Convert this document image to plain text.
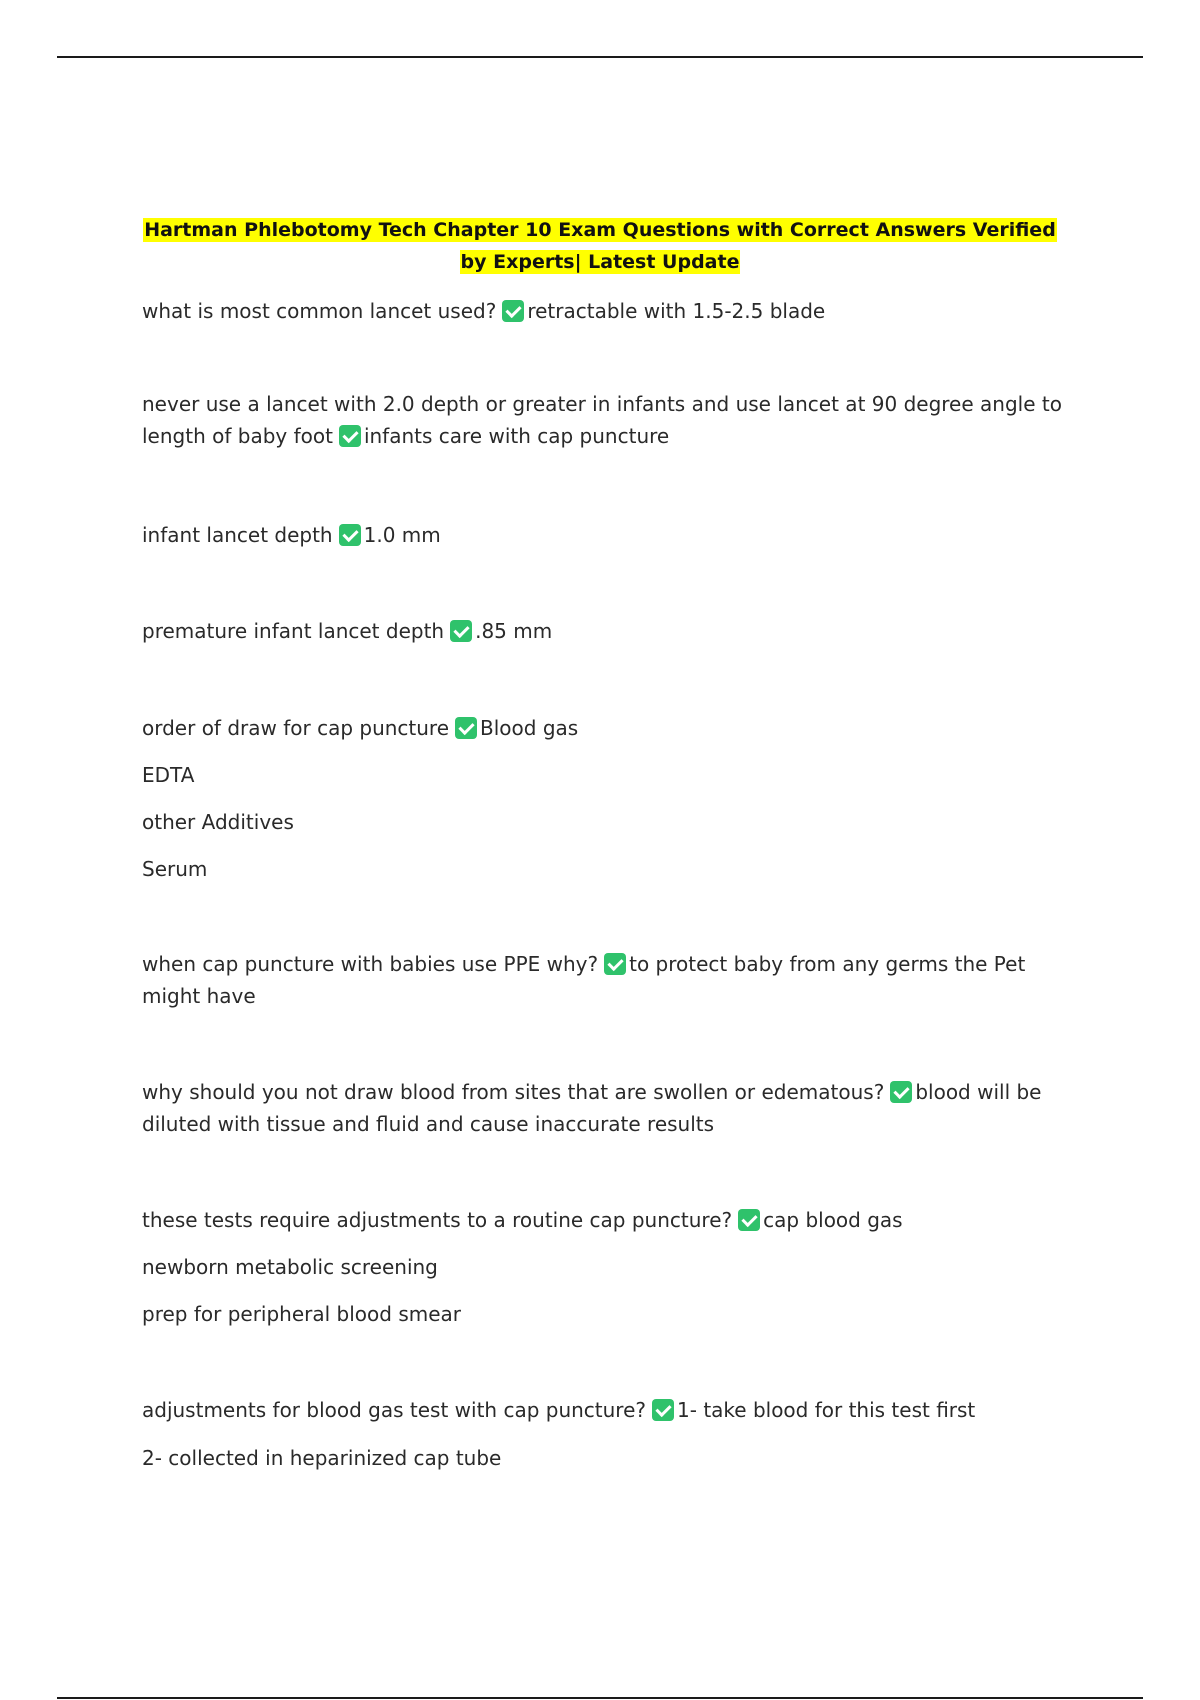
Hartman Phlebotomy Tech Chapter 10 Exam Questions with Correct Answers Verified by Experts| Latest Update
what is most common lancet used? retractable with 1.5-2.5 blade
never use a lancet with 2.0 depth or greater in infants and use lancet at 90 degree angle to length of baby foot infants care with cap puncture
infant lancet depth 1.0 mm
premature infant lancet depth .85 mm
order of draw for cap puncture Blood gas
EDTA
other Additives
Serum
when cap puncture with babies use PPE why? to protect baby from any germs the Pet might have
why should you not draw blood from sites that are swollen or edematous? blood will be diluted with tissue and fluid and cause inaccurate results
these tests require adjustments to a routine cap puncture? cap blood gas
newborn metabolic screening
prep for peripheral blood smear
adjustments for blood gas test with cap puncture? 1- take blood for this test first
2- collected in heparinized cap tube
